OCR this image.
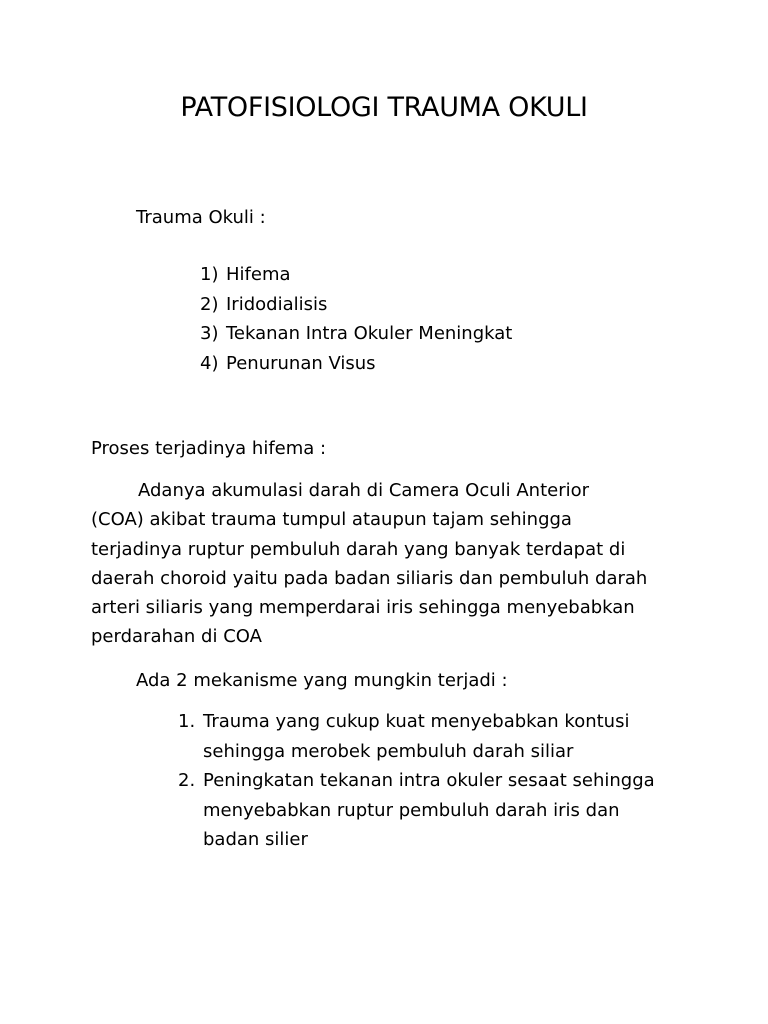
PATOFISIOLOGI TRAUMA OKULI
Trauma Okuli :
1) Hifema
2) Iridodialisis
3) Tekanan Intra Okuler Meningkat
4) Penurunan Visus
Proses terjadinya hifema :
Adanya akumulasi darah di Camera Oculi Anterior
(COA) akibat trauma tumpul ataupun tajam sehingga
terjadinya ruptur pembuluh darah yang banyak terdapat di
daerah choroid yaitu pada badan siliaris dan pembuluh darah
arteri siliaris yang memperdarai iris sehingga menyebabkan
perdarahan di COA
Ada 2 mekanisme yang mungkin terjadi :
1. Trauma yang cukup kuat menyebabkan kontusi
sehingga merobek pembuluh darah siliar
2. Peningkatan tekanan intra okuler sesaat sehingga
menyebabkan ruptur pembuluh darah iris dan
badan silier
